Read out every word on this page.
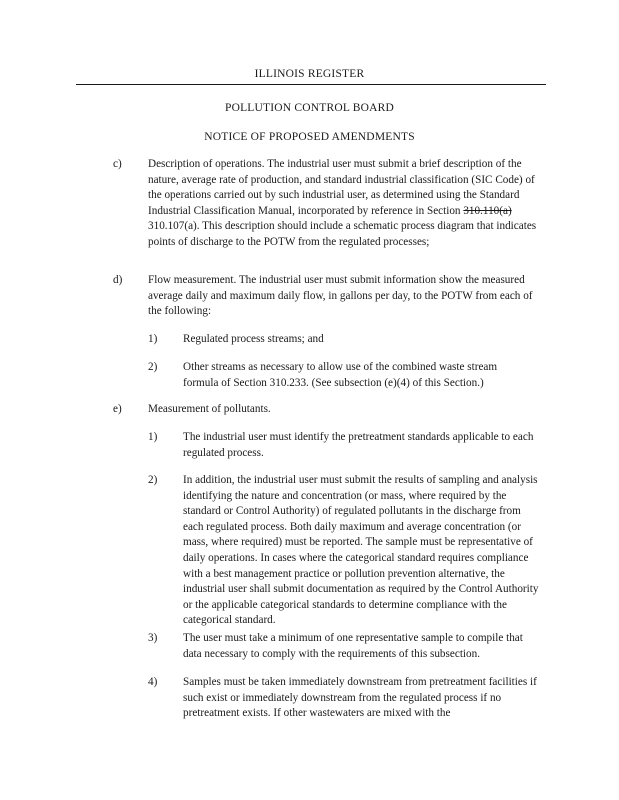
ILLINOIS REGISTER
POLLUTION CONTROL BOARD
NOTICE OF PROPOSED AMENDMENTS
c) Description of operations. The industrial user must submit a brief description of the nature, average rate of production, and standard industrial classification (SIC Code) of the operations carried out by such industrial user, as determined using the Standard Industrial Classification Manual, incorporated by reference in Section 310.110(a) 310.107(a). This description should include a schematic process diagram that indicates points of discharge to the POTW from the regulated processes;
d) Flow measurement. The industrial user must submit information show the measured average daily and maximum daily flow, in gallons per day, to the POTW from each of the following:
1) Regulated process streams; and
2) Other streams as necessary to allow use of the combined waste stream formula of Section 310.233. (See subsection (e)(4) of this Section.)
e) Measurement of pollutants.
1) The industrial user must identify the pretreatment standards applicable to each regulated process.
2) In addition, the industrial user must submit the results of sampling and analysis identifying the nature and concentration (or mass, where required by the standard or Control Authority) of regulated pollutants in the discharge from each regulated process. Both daily maximum and average concentration (or mass, where required) must be reported. The sample must be representative of daily operations. In cases where the categorical standard requires compliance with a best management practice or pollution prevention alternative, the industrial user shall submit documentation as required by the Control Authority or the applicable categorical standards to determine compliance with the categorical standard.
3) The user must take a minimum of one representative sample to compile that data necessary to comply with the requirements of this subsection.
4) Samples must be taken immediately downstream from pretreatment facilities if such exist or immediately downstream from the regulated process if no pretreatment exists. If other wastewaters are mixed with the
